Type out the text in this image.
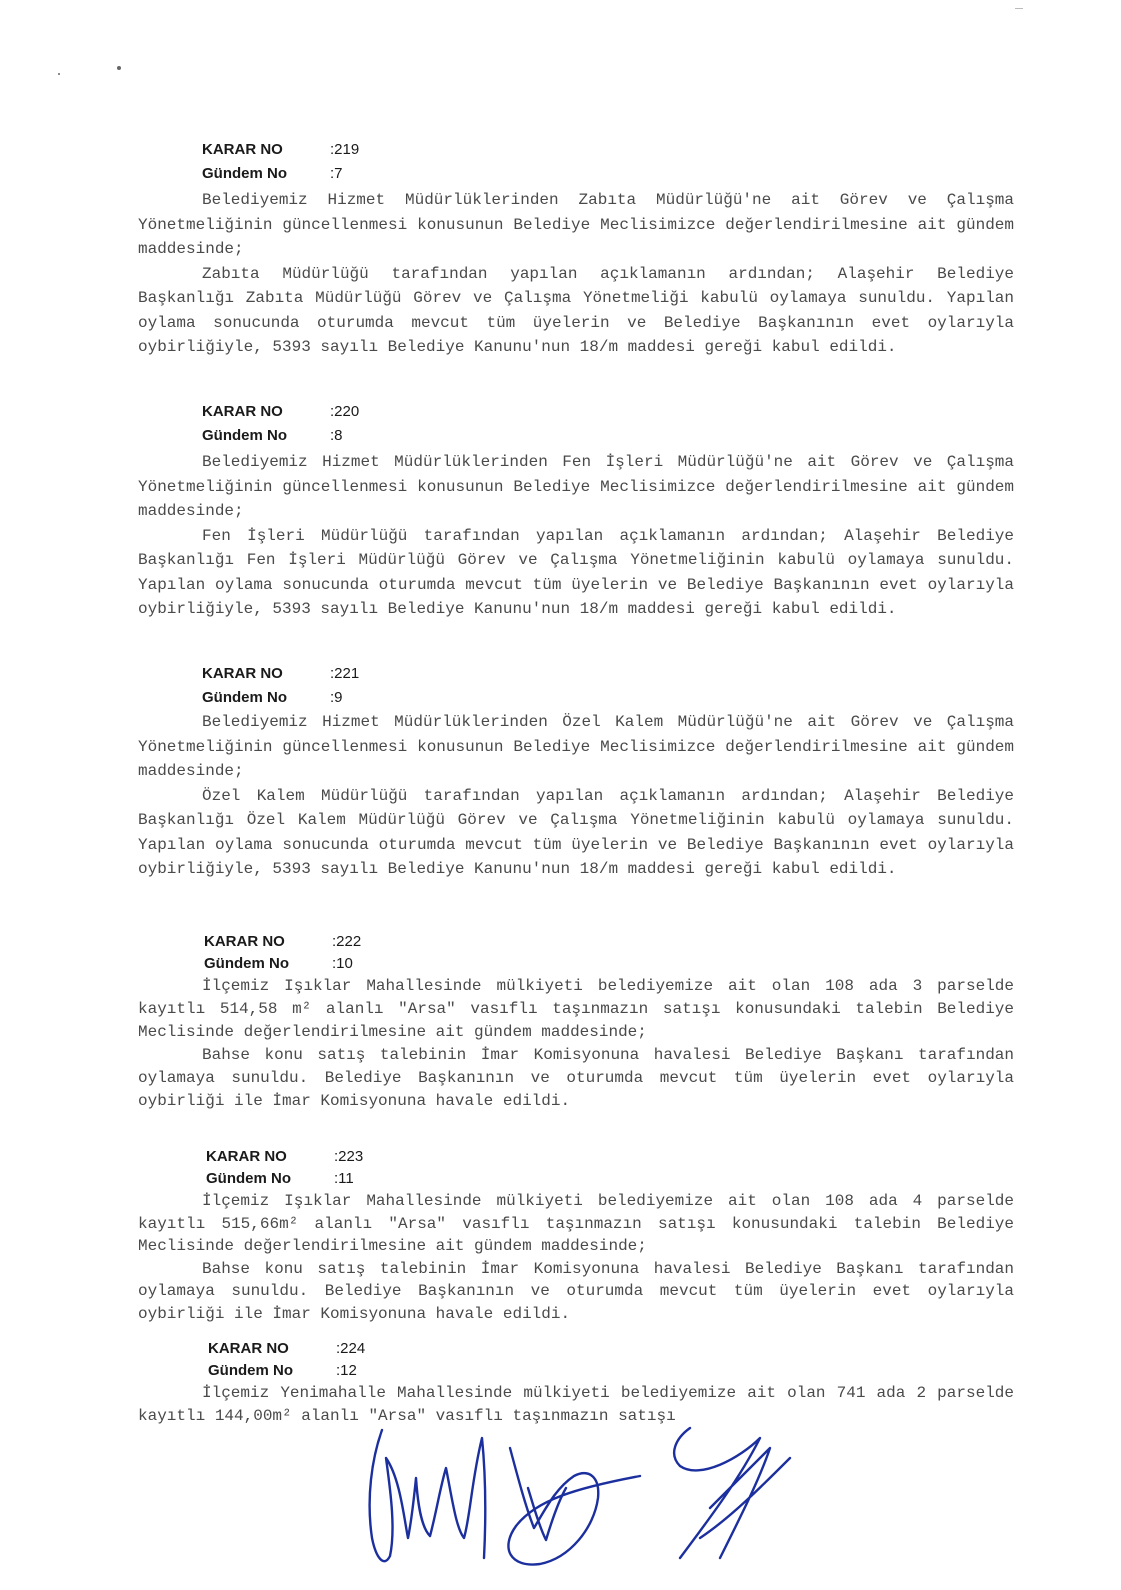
KARAR NO	:219
Gündem No	:7

Belediyemiz Hizmet Müdürlüklerinden Zabıta Müdürlüğü'ne ait Görev ve Çalışma Yönetmeliğinin güncellenmesi konusunun Belediye Meclisimizce değerlendirilmesine ait gündem maddesinde;

Zabıta Müdürlüğü tarafından yapılan açıklamanın ardından; Alaşehir Belediye Başkanlığı Zabıta Müdürlüğü Görev ve Çalışma Yönetmeliği kabulü oylamaya sunuldu. Yapılan oylama sonucunda oturumda mevcut tüm üyelerin ve Belediye Başkanının evet oylarıyla oybirliğiyle, 5393 sayılı Belediye Kanunu'nun 18/m maddesi gereği kabul edildi.

KARAR NO	:220
Gündem No	:8

Belediyemiz Hizmet Müdürlüklerinden Fen İşleri Müdürlüğü'ne ait Görev ve Çalışma Yönetmeliğinin güncellenmesi konusunun Belediye Meclisimizce değerlendirilmesine ait gündem maddesinde;

Fen İşleri Müdürlüğü tarafından yapılan açıklamanın ardından; Alaşehir Belediye Başkanlığı Fen İşleri Müdürlüğü Görev ve Çalışma Yönetmeliğinin kabulü oylamaya sunuldu. Yapılan oylama sonucunda oturumda mevcut tüm üyelerin ve Belediye Başkanının evet oylarıyla oybirliğiyle, 5393 sayılı Belediye Kanunu'nun 18/m maddesi gereği kabul edildi.

KARAR NO	:221
Gündem No	:9

Belediyemiz Hizmet Müdürlüklerinden Özel Kalem Müdürlüğü'ne ait Görev ve Çalışma Yönetmeliğinin güncellenmesi konusunun Belediye Meclisimizce değerlendirilmesine ait gündem maddesinde;

Özel Kalem Müdürlüğü tarafından yapılan açıklamanın ardından; Alaşehir Belediye Başkanlığı Özel Kalem Müdürlüğü Görev ve Çalışma Yönetmeliğinin kabulü oylamaya sunuldu. Yapılan oylama sonucunda oturumda mevcut tüm üyelerin ve Belediye Başkanının evet oylarıyla oybirliğiyle, 5393 sayılı Belediye Kanunu'nun 18/m maddesi gereği kabul edildi.

KARAR NO	:222
Gündem No	:10

İlçemiz Işıklar Mahallesinde mülkiyeti belediyemize ait olan 108 ada 3 parselde kayıtlı 514,58 m² alanlı "Arsa" vasıflı taşınmazın satışı konusundaki talebin Belediye Meclisinde değerlendirilmesine ait gündem maddesinde;

Bahse konu satış talebinin İmar Komisyonuna havalesi Belediye Başkanı tarafından oylamaya sunuldu. Belediye Başkanının ve oturumda mevcut tüm üyelerin evet oylarıyla oybirliği ile İmar Komisyonuna havale edildi.

KARAR NO	:223
Gündem No	:11

İlçemiz Işıklar Mahallesinde mülkiyeti belediyemize ait olan 108 ada 4 parselde kayıtlı 515,66m² alanlı "Arsa" vasıflı taşınmazın satışı konusundaki talebin Belediye Meclisinde değerlendirilmesine ait gündem maddesinde;

Bahse konu satış talebinin İmar Komisyonuna havalesi Belediye Başkanı tarafından oylamaya sunuldu. Belediye Başkanının ve oturumda mevcut tüm üyelerin evet oylarıyla oybirliği ile İmar Komisyonuna havale edildi.

KARAR NO	:224
Gündem No	:12

İlçemiz Yenimahalle Mahallesinde mülkiyeti belediyemize ait olan 741 ada 2 parselde kayıtlı 144,00m² alanlı "Arsa" vasıflı taşınmazın satışı
